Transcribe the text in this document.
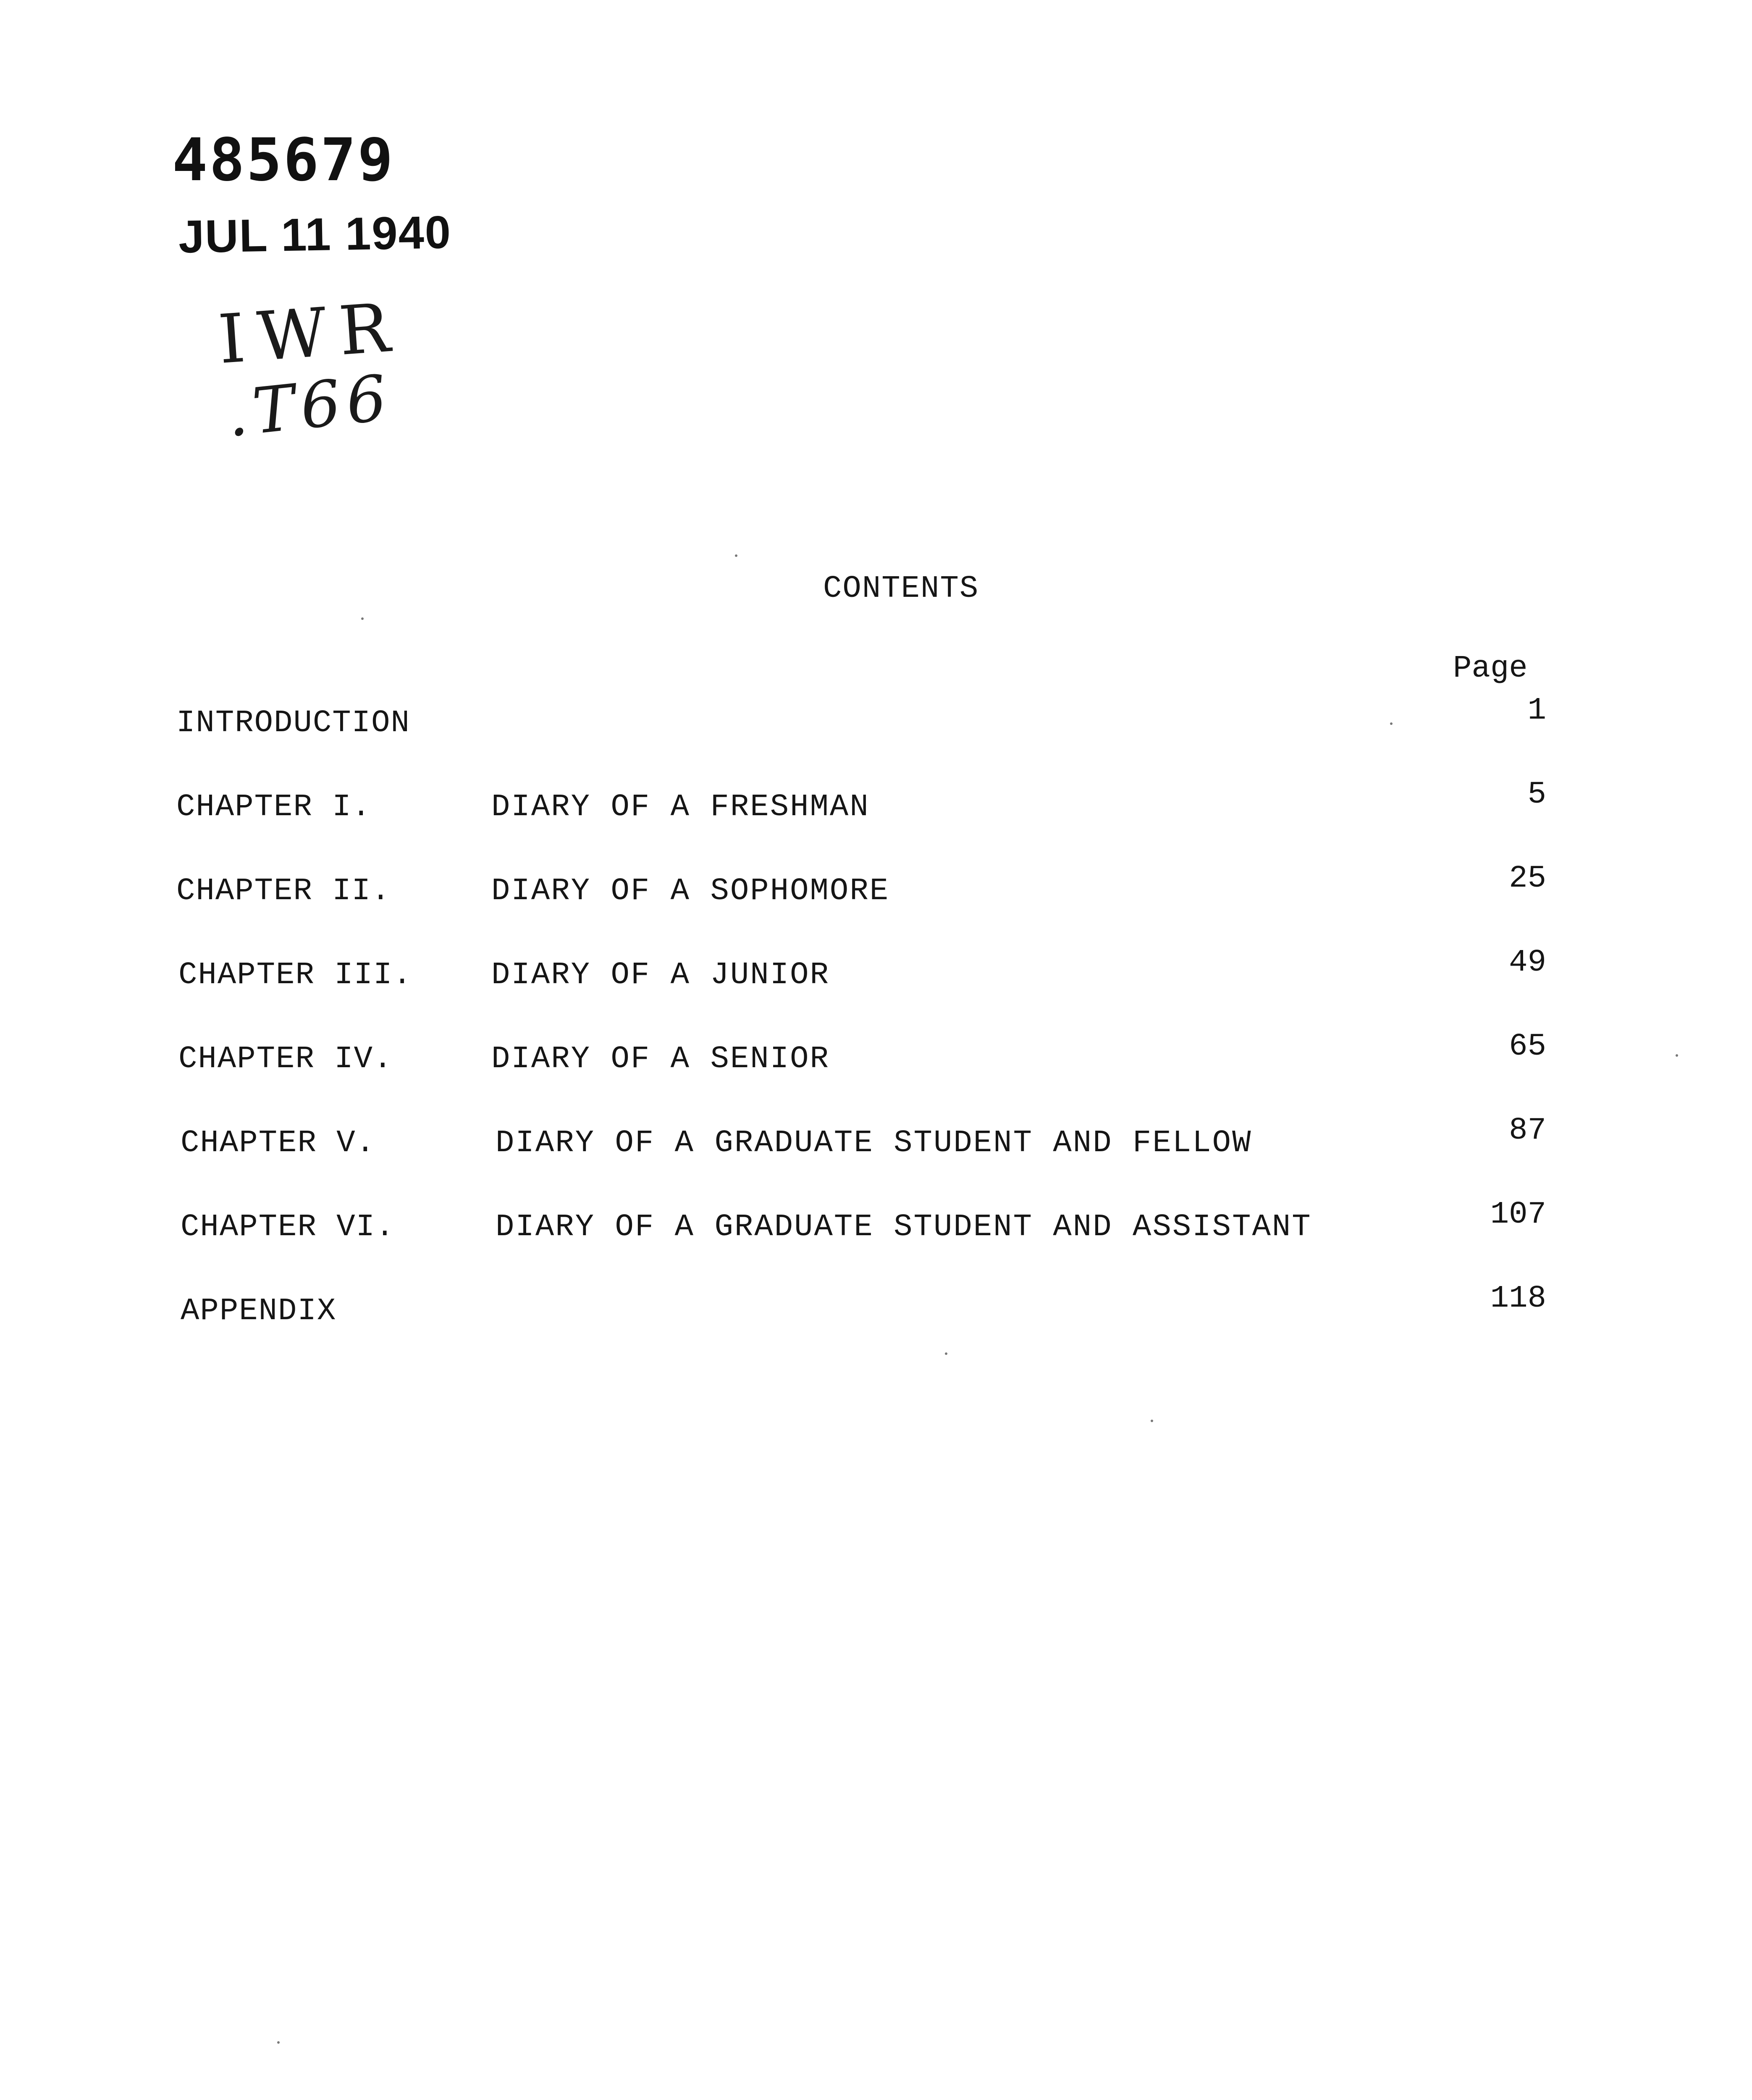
485679
JUL 11 1940
IWR
.T66
CONTENTS
Page
INTRODUCTION	1
CHAPTER I.	DIARY OF A FRESHMAN	5
CHAPTER II.	DIARY OF A SOPHOMORE	25
CHAPTER III.	DIARY OF A JUNIOR	49
CHAPTER IV.	DIARY OF A SENIOR	65
CHAPTER V.	DIARY OF A GRADUATE STUDENT AND FELLOW	87
CHAPTER VI.	DIARY OF A GRADUATE STUDENT AND ASSISTANT	107
APPENDIX	118
